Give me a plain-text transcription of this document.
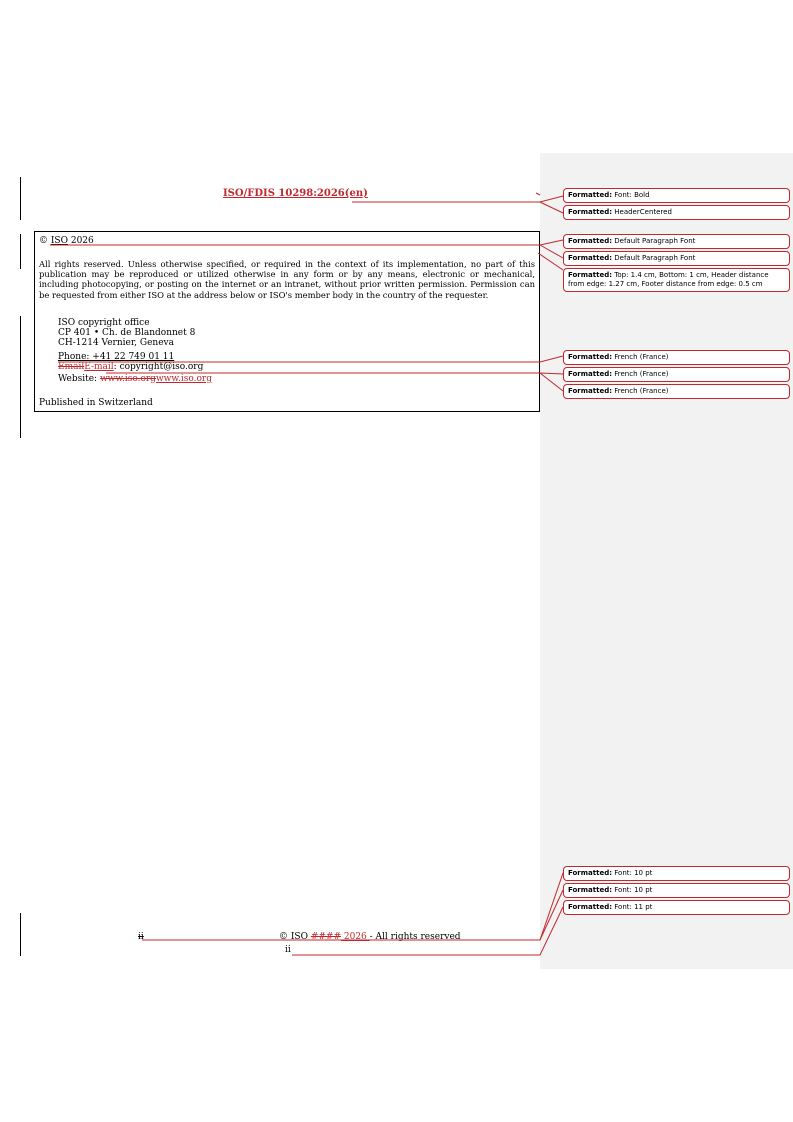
ISO/FDIS 10298:2026(en)
© ISO 2026
All rights reserved. Unless otherwise specified, or required in the context of its implementation, no part of this publication may be reproduced or utilized otherwise in any form or by any means, electronic or mechanical, including photocopying, or posting on the internet or an intranet, without prior written permission. Permission can be requested from either ISO at the address below or ISO's member body in the country of the requester.
ISO copyright office
CP 401 • Ch. de Blandonnet 8
CH-1214 Vernier, Geneva
Phone: +41 22 749 01 11
EmailE-mail: copyright@iso.org
Website: www.iso.orgwww.iso.org
Published in Switzerland
ii	© ISO #### 2026 - All rights reserved
ii
Formatted: Font: Bold
Formatted: HeaderCentered
Formatted: Default Paragraph Font
Formatted: Default Paragraph Font
Formatted: Top: 1.4 cm, Bottom: 1 cm, Header distance from edge: 1.27 cm, Footer distance from edge: 0.5 cm
Formatted: French (France)
Formatted: French (France)
Formatted: French (France)
Formatted: Font: 10 pt
Formatted: Font: 10 pt
Formatted: Font: 11 pt
